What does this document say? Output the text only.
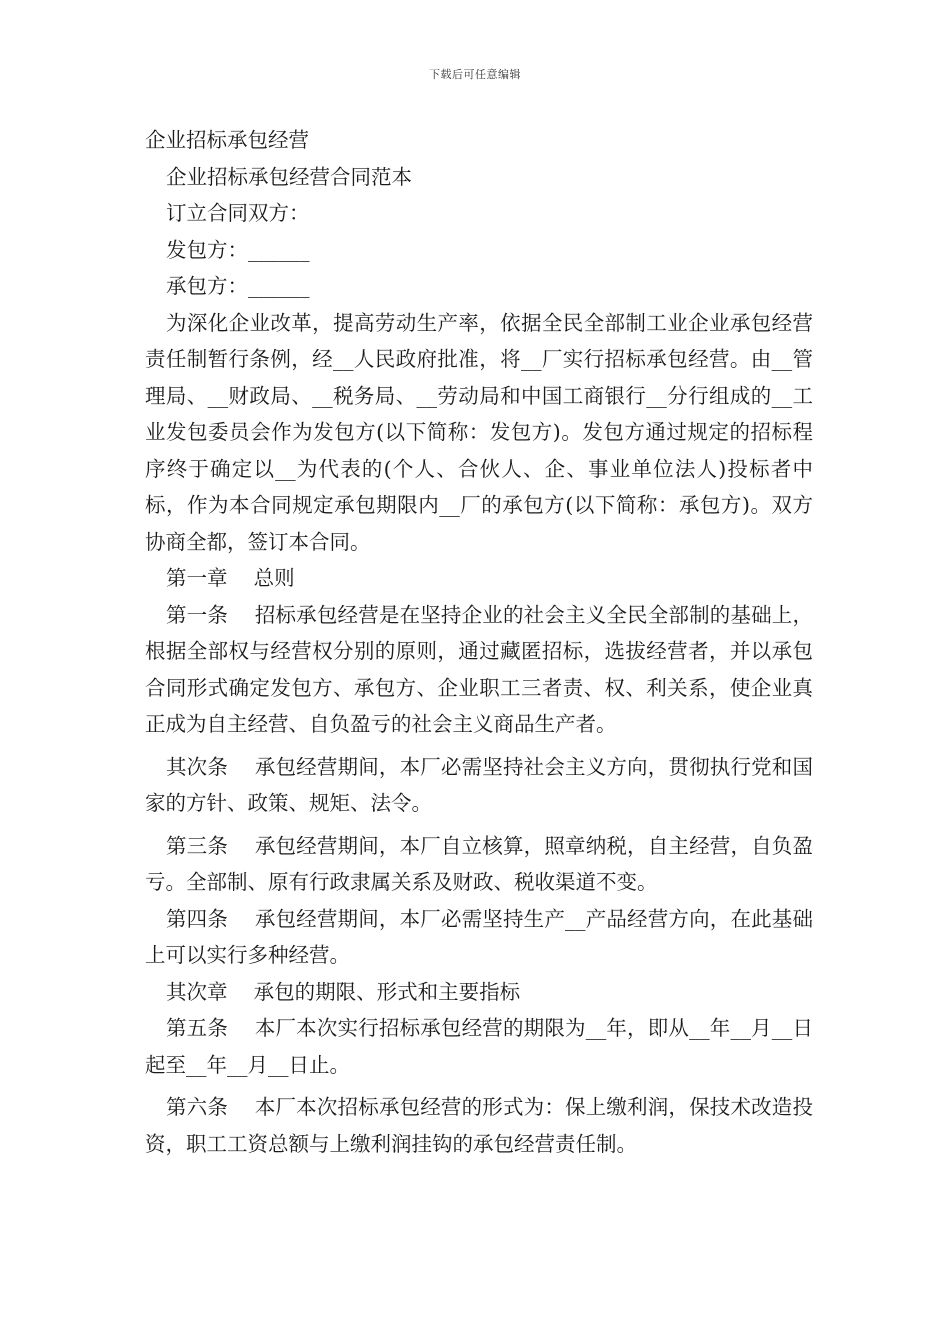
下载后可任意编辑

企业招标承包经营

企业招标承包经营合同范本

订立合同双方：

发包方：______

承包方：______

为深化企业改革，提高劳动生产率，依据全民全部制工业企业承包经营责任制暂行条例，经__人民政府批准，将__厂实行招标承包经营。由__管理局、__财政局、__税务局、__劳动局和中国工商银行__分行组成的__工业发包委员会作为发包方(以下简称：发包方)。发包方通过规定的招标程序终于确定以__为代表的(个人、合伙人、企、事业单位法人)投标者中标，作为本合同规定承包期限内__厂的承包方(以下简称：承包方)。双方协商全都，签订本合同。

第一章    总则

第一条    招标承包经营是在坚持企业的社会主义全民全部制的基础上，根据全部权与经营权分别的原则，通过藏匿招标，选拔经营者，并以承包合同形式确定发包方、承包方、企业职工三者责、权、利关系，使企业真正成为自主经营、自负盈亏的社会主义商品生产者。

其次条    承包经营期间，本厂必需坚持社会主义方向，贯彻执行党和国家的方针、政策、规矩、法令。

第三条    承包经营期间，本厂自立核算，照章纳税，自主经营，自负盈亏。全部制、原有行政隶属关系及财政、税收渠道不变。

第四条    承包经营期间，本厂必需坚持生产__产品经营方向，在此基础上可以实行多种经营。

其次章    承包的期限、形式和主要指标

第五条    本厂本次实行招标承包经营的期限为__年，即从__年__月__日起至__年__月__日止。

第六条    本厂本次招标承包经营的形式为：保上缴利润，保技术改造投资，职工工资总额与上缴利润挂钩的承包经营责任制。
